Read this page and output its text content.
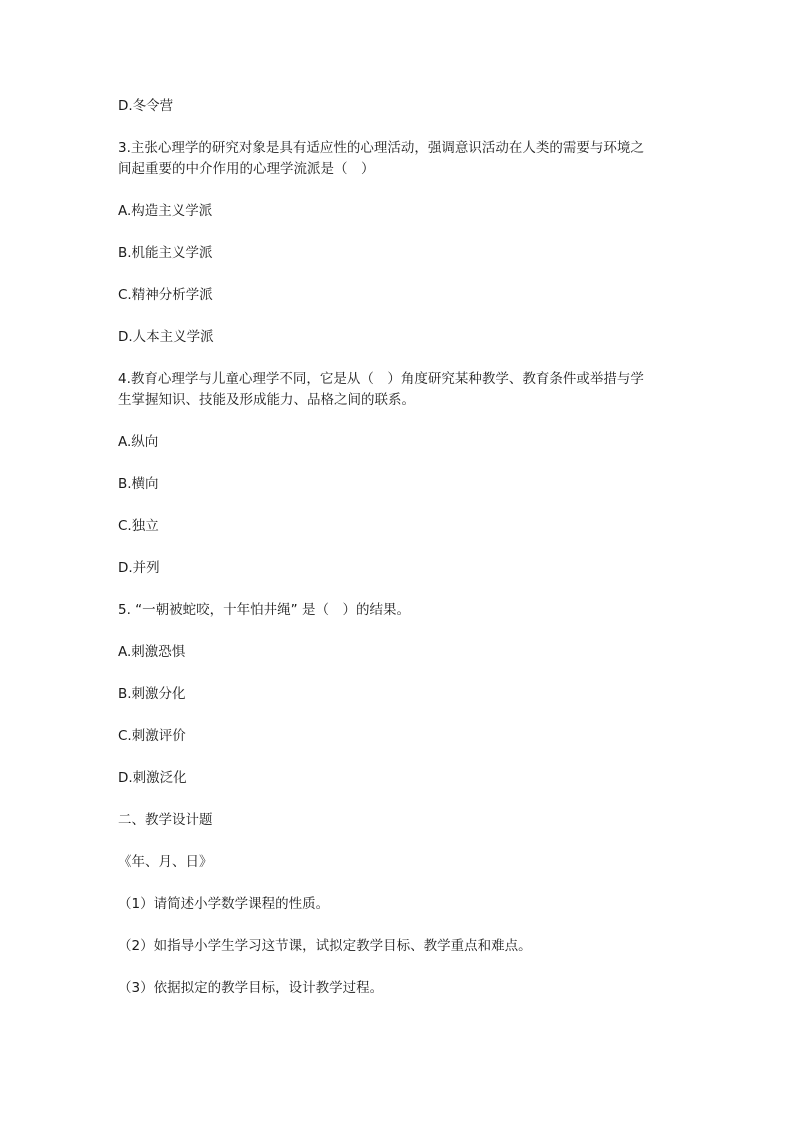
D.冬令营

3.主张心理学的研究对象是具有适应性的心理活动，强调意识活动在人类的需要与环境之

间起重要的中介作用的心理学流派是（　）

A.构造主义学派

B.机能主义学派

C.精神分析学派

D.人本主义学派

4.教育心理学与儿童心理学不同，它是从（　）角度研究某种教学、教育条件或举措与学

生掌握知识、技能及形成能力、品格之间的联系。

A.纵向

B.横向

C.独立

D.并列

5. “一朝被蛇咬，十年怕井绳” 是（　）的结果。

A.刺激恐惧

B.刺激分化

C.刺激评价

D.刺激泛化

二、教学设计题

《年、月、日》

（1）请简述小学数学课程的性质。

（2）如指导小学生学习这节课，试拟定教学目标、教学重点和难点。

（3）依据拟定的教学目标，设计教学过程。
